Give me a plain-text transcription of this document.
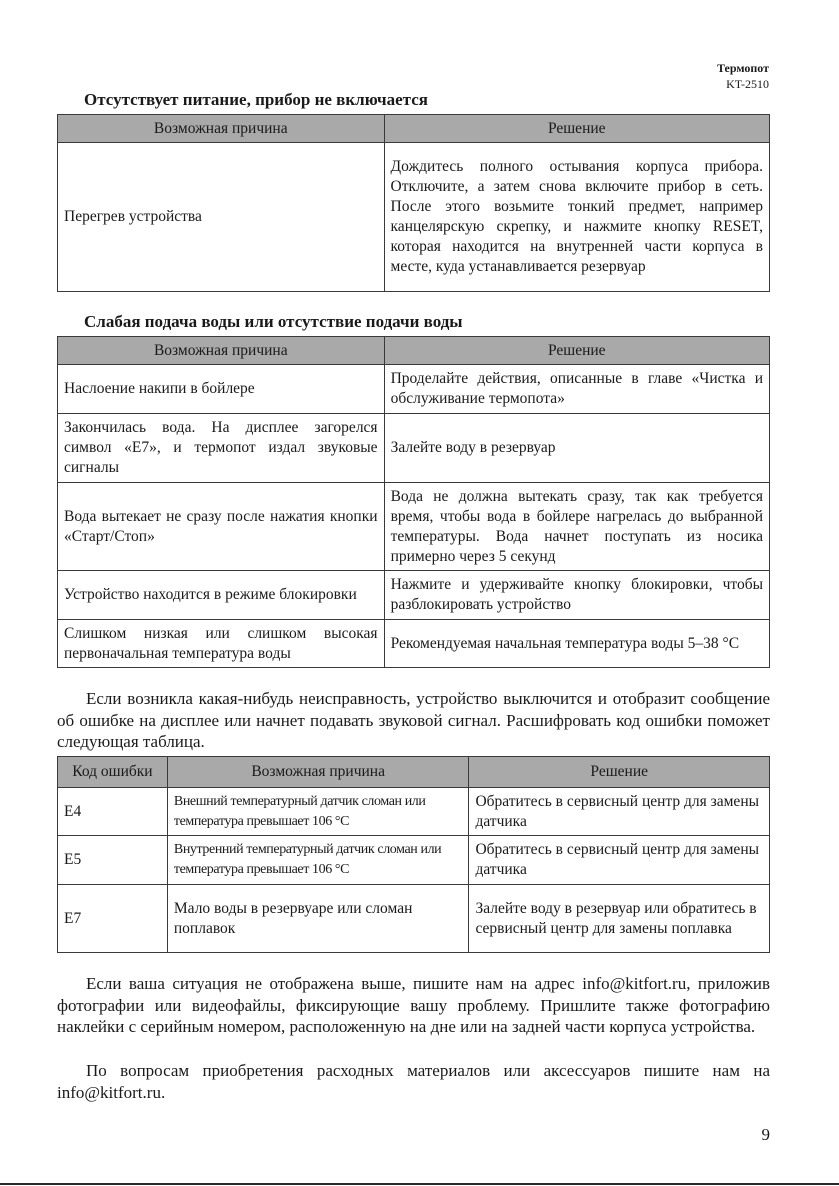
Термопот
KT-2510
Отсутствует питание, прибор не включается
Возможная причина	Решение
Перегрев устройства	Дождитесь полного остывания корпуса прибора. Отключите, а затем снова включите прибор в сеть. После этого возьмите тонкий предмет, например канцелярскую скрепку, и нажмите кнопку RESET, которая находится на внутренней части корпуса в месте, куда устанавливается резервуар
Слабая подача воды или отсутствие подачи воды
Возможная причина	Решение
Наслоение накипи в бойлере	Проделайте действия, описанные в главе «Чистка и обслуживание термопота»
Закончилась вода. На дисплее загорелся символ «Е7», и термопот издал звуковые сигналы	Залейте воду в резервуар
Вода вытекает не сразу после нажатия кнопки «Старт/Стоп»	Вода не должна вытекать сразу, так как требуется время, чтобы вода в бойлере нагрелась до выбранной температуры. Вода начнет поступать из носика примерно через 5 секунд
Устройство находится в режиме блокировки	Нажмите и удерживайте кнопку блокировки, чтобы разблокировать устройство
Слишком низкая или слишком высокая первоначальная температура воды	Рекомендуемая начальная температура воды 5–38 °C

Если возникла какая-нибудь неисправность, устройство выключится и отобразит сообщение об ошибке на дисплее или начнет подавать звуковой сигнал. Расшифровать код ошибки поможет следующая таблица.

Код ошибки	Возможная причина	Решение
Е4	Внешний температурный датчик сломан или температура превышает 106 °C	Обратитесь в сервисный центр для замены датчика
Е5	Внутренний температурный датчик сломан или температура превышает 106 °C	Обратитесь в сервисный центр для замены датчика
Е7	Мало воды в резервуаре или сломан поплавок	Залейте воду в резервуар или обратитесь в сервисный центр для замены поплавка

Если ваша ситуация не отображена выше, пишите нам на адрес info@kitfort.ru, приложив фотографии или видеофайлы, фиксирующие вашу проблему. Пришлите также фотографию наклейки с серийным номером, расположенную на дне или на задней части корпуса устройства.

По вопросам приобретения расходных материалов или аксессуаров пишите нам на info@kitfort.ru.

9
